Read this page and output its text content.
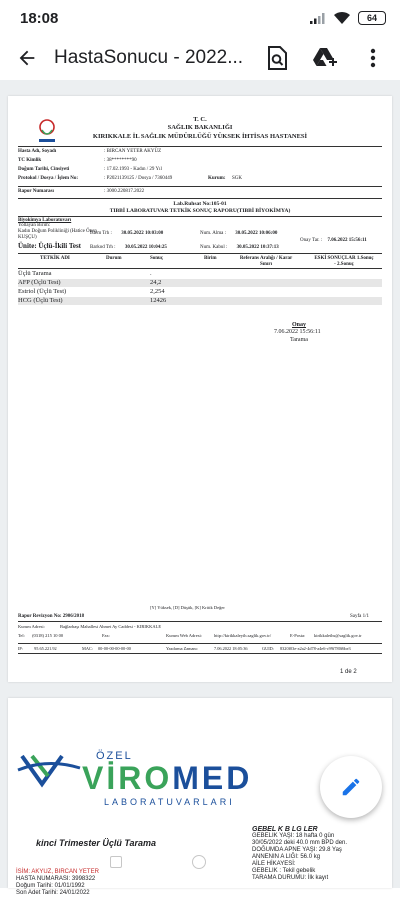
18:08	64
HastaSonucu - 2022...
T. C.
SAĞLIK BAKANLIĞI
KIRIKKALE İL SAĞLIK MÜDÜRLÜĞÜ YÜKSEK İHTİSAS HASTANESİ
Hasta Adı, Soyadı	: BIRCAN YETER AKYÜZ
TC Kimlik	: 38********90
Doğum Tarihi, Cinsiyeti	: 17.02.1993 - Kadın / 29 Yıl
Protokol / Dosya / İşlem No:	: P2021139125 / Dosya / 7360449	Kurum: SGK
Rapor Numarası	: 3000.220817.2022
Lab.Ruhsat No:105-01
TIBBİ LABORATUVAR TETKİK SONUÇ RAPORU(TIBBİ BİYOKİMYA)
Biyokimya Laboratuvarı
Yollayan Birim:
Kadın Doğum Polikliniği (Hatice Önen KUŞÇU)
İstem Trh : 30.05.2022 10:03:00	Num. Alma : 30.05.2022 10:06:00
Onay Tar. : 7.06.2022 15:56:11
Barkod Trh : 30.05.2022 10:04:25	Num. Kabul : 30.05.2022 10:37:13
Ünite: Üçlü-İkili Test
TETKİK ADI	Durum	Sonuç	Birim	Referans Aralığı / Karar Sınırı
ESKİ SONUÇLAR 1.Sonuç - 2.Sonuç
Üçlü Tarama	.
AFP (Üçlü Test)	24,2
Estriol (Üçlü Test)	2,254
HCG (Üçlü Test)	12426
Onay
7.06.2022 15:56:11
Tarama
[Y] Yüksek, [D] Düşük, [K] Kritik Değer
Rapor Revizyon No: 2906/2018	Sayfa 1/1
Kurum Adresi:	Bağlarbaşı Mahallesi Ahmet Ay Caddesi - KIRIKKALE
Tel: (0318) 215 10 00	Fax:	Kurum Web Adresi:	http://kirikkaleyih.saglik.gov.tr/	E-Posta: kirikkaleihs@saglik.gov.tr
IP:	95.65.221.92	MAC: 00-00-00-00-00-00	Yazdırma Zamanı:	7.06.2022 18:05:36	GUID: 8320f03e-a2a2-4d78-a4e6-c99f780f6be3
1 de 2
ÖZEL
VİROMED
LABORATUVARLARI
kinci Trimester Üçlü Tarama
İSİM: AKYUZ, BIRCAN YETER
HASTA NUMARASI: 3998322
Doğum Tarihi: 01/01/1992
Son Adet Tarihi: 24/01/2022
GEBEL K B LG LER
GEBELIK YAŞI: 18 hafta 0 gün
30/05/2022 deki 40.0 mm BPD den.
DOĞUMDA APNE YAŞI: 29.8 Yaş
ANNENIN A LIĞI: 56.0 kg
AİLE HİKAYESİ:
GEBELIK : Tekil gebelik
TARAMA DURUMU: İlk kayıt
